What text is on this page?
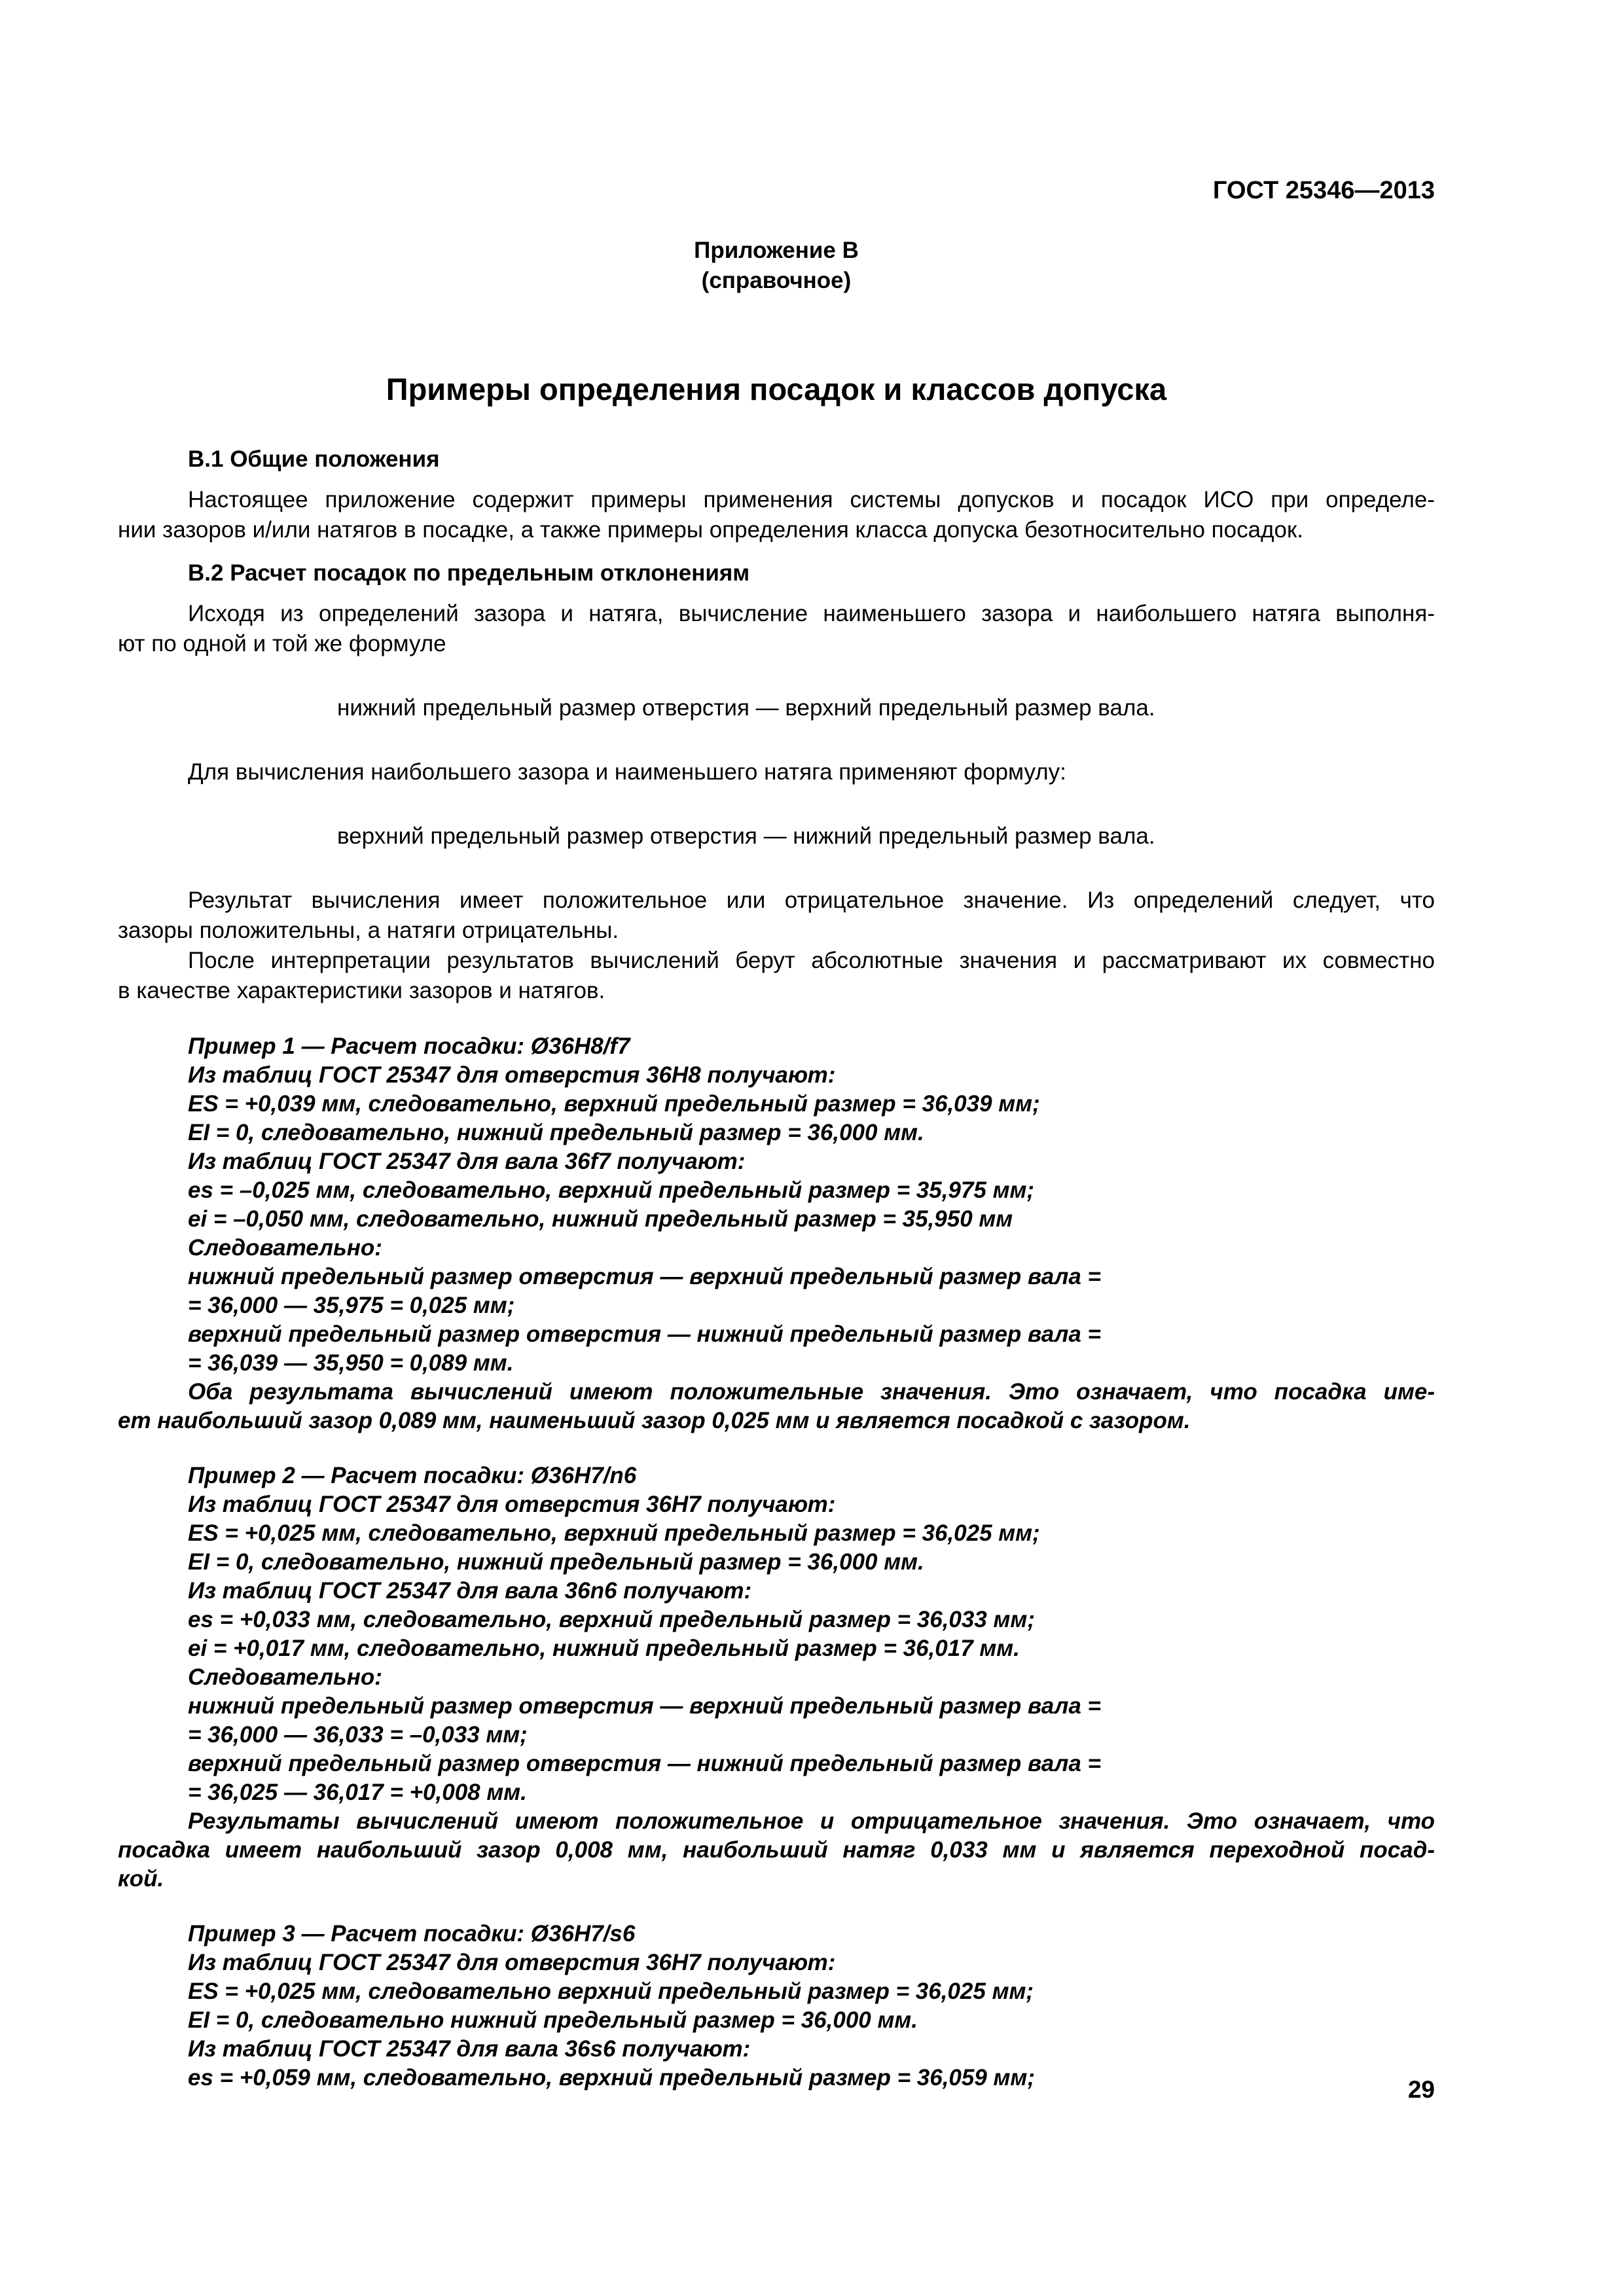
ГОСТ 25346—2013
Приложение В
(справочное)
Примеры определения посадок и классов допуска
В.1 Общие положения
Настоящее приложение содержит примеры применения системы допусков и посадок ИСО при определе-
нии зазоров и/или натягов в посадке, а также примеры определения класса допуска безотносительно посадок.
В.2 Расчет посадок по предельным отклонениям
Исходя из определений зазора и натяга, вычисление наименьшего зазора и наибольшего натяга выполня-
ют по одной и той же формуле
нижний предельный размер отверстия — верхний предельный размер вала.
Для вычисления наибольшего зазора и наименьшего натяга применяют формулу:
верхний предельный размер отверстия — нижний предельный размер вала.
Результат вычисления имеет положительное или отрицательное значение. Из определений следует, что
зазоры положительны, а натяги отрицательны.
После интерпретации результатов вычислений берут абсолютные значения и рассматривают их совместно
в качестве характеристики зазоров и натягов.
Пример 1 — Расчет посадки: Ø36H8/f7
Из таблиц ГОСТ 25347 для отверстия 36H8 получают:
ES = +0,039 мм, следовательно, верхний предельный размер = 36,039 мм;
EI = 0, следовательно, нижний предельный размер = 36,000 мм.
Из таблиц ГОСТ 25347 для вала 36f7 получают:
es = –0,025 мм, следовательно, верхний предельный размер = 35,975 мм;
ei = –0,050 мм, следовательно, нижний предельный размер = 35,950 мм
Следовательно:
нижний предельный размер отверстия — верхний предельный размер вала =
= 36,000 — 35,975 = 0,025 мм;
верхний предельный размер отверстия — нижний предельный размер вала =
= 36,039 — 35,950 = 0,089 мм.
Оба результата вычислений имеют положительные значения. Это означает, что посадка име-
ет наибольший зазор 0,089 мм, наименьший зазор 0,025 мм и является посадкой с зазором.
Пример 2 — Расчет посадки: Ø36H7/n6
Из таблиц ГОСТ 25347 для отверстия 36H7 получают:
ES = +0,025 мм, следовательно, верхний предельный размер = 36,025 мм;
EI = 0, следовательно, нижний предельный размер = 36,000 мм.
Из таблиц ГОСТ 25347 для вала 36n6 получают:
es = +0,033 мм, следовательно, верхний предельный размер = 36,033 мм;
ei = +0,017 мм, следовательно, нижний предельный размер = 36,017 мм.
Следовательно:
нижний предельный размер отверстия — верхний предельный размер вала =
= 36,000 — 36,033 = –0,033 мм;
верхний предельный размер отверстия — нижний предельный размер вала =
= 36,025 — 36,017 = +0,008 мм.
Результаты вычислений имеют положительное и отрицательное значения. Это означает, что
посадка имеет наибольший зазор 0,008 мм, наибольший натяг 0,033 мм и является переходной посад-
кой.
Пример 3 — Расчет посадки: Ø36H7/s6
Из таблиц ГОСТ 25347 для отверстия 36H7 получают:
ES = +0,025 мм, следовательно верхний предельный размер = 36,025 мм;
EI = 0, следовательно нижний предельный размер = 36,000 мм.
Из таблиц ГОСТ 25347 для вала 36s6 получают:
es = +0,059 мм, следовательно, верхний предельный размер = 36,059 мм;	29
